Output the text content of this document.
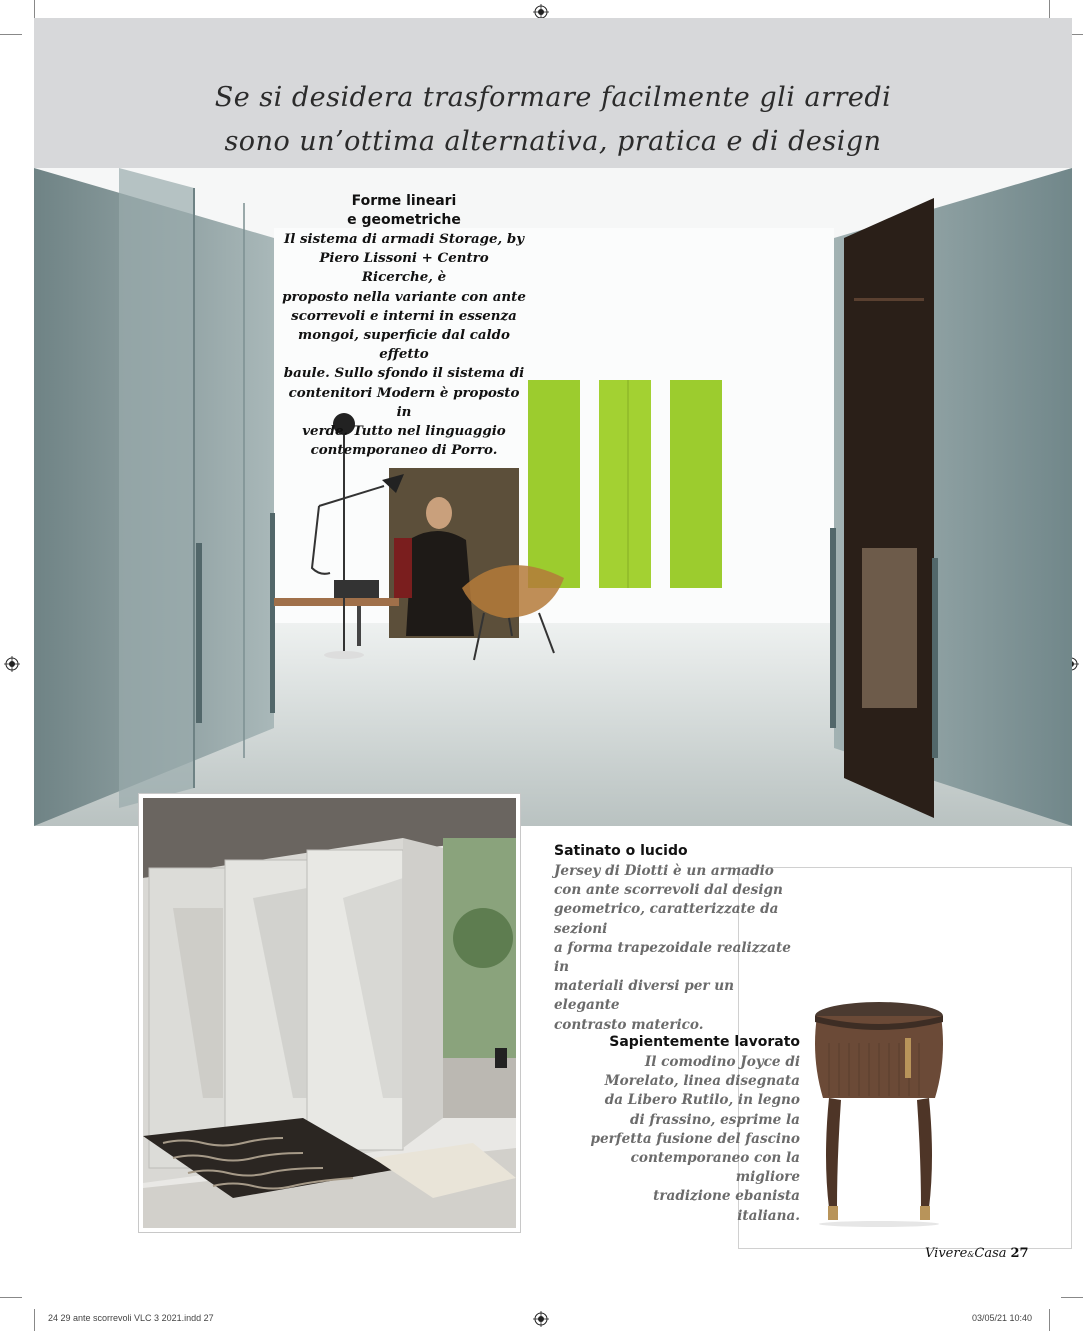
Se si desidera trasformare facilmente gli arredi
sono un’ottima alternativa, pratica e di design
Forme lineari
e geometriche
Il sistema di armadi Storage, by
Piero Lissoni + Centro Ricerche, è
proposto nella variante con ante
scorrevoli e interni in essenza
mongoi, superficie dal caldo effetto
baule. Sullo sfondo il sistema di
contenitori Modern è proposto in
verde. Tutto nel linguaggio
contemporaneo di Porro.
Satinato o lucido
Jersey di Diotti è un armadio
con ante scorrevoli dal design
geometrico, caratterizzate da sezioni
a forma trapezoidale realizzate in
materiali diversi per un elegante
contrasto materico.
Sapientemente lavorato
Il comodino Joyce di
Morelato, linea disegnata
da Libero Rutilo, in legno
di frassino, esprime la
perfetta fusione del fascino
contemporaneo con la migliore
tradizione ebanista italiana.
Vivere&Casa 27
24 29 ante scorrevoli VLC 3 2021.indd 27	03/05/21 10:40
